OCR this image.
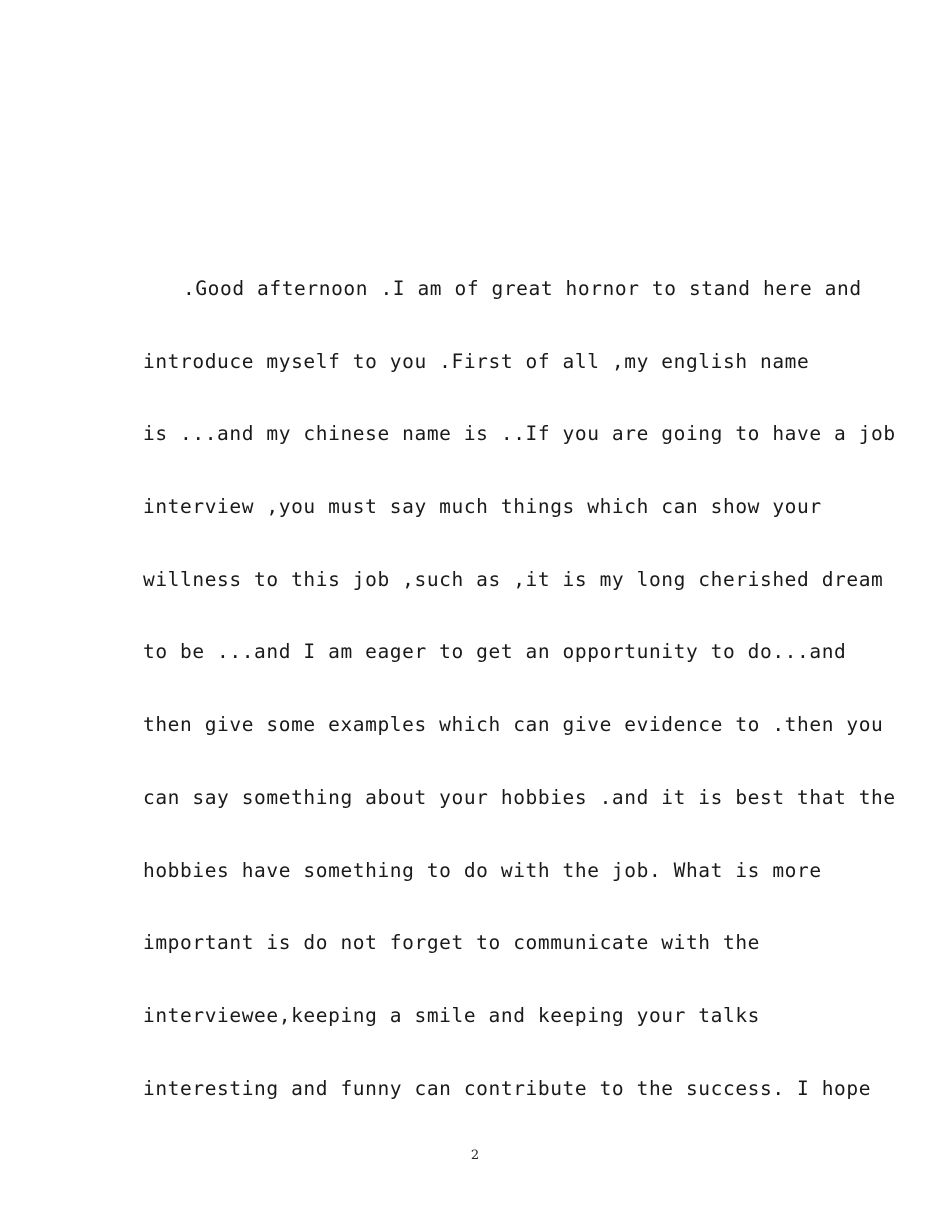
.Good afternoon .I am of great hornor to stand here and
introduce myself to you .First of all ,my english name
is ...and my chinese name is ..If you are going to have a job
interview ,you must say much things which can show your
willness to this job ,such as ,it is my long cherished dream
to be ...and I am eager to get an opportunity to do...and
then give some examples which can give evidence to .then you
can say something about your hobbies .and it is best that the
hobbies have something to do with the job. What is more
important is do not forget to communicate with the
interviewee,keeping a smile and keeping your talks
interesting and funny can contribute to the success. I hope
2
